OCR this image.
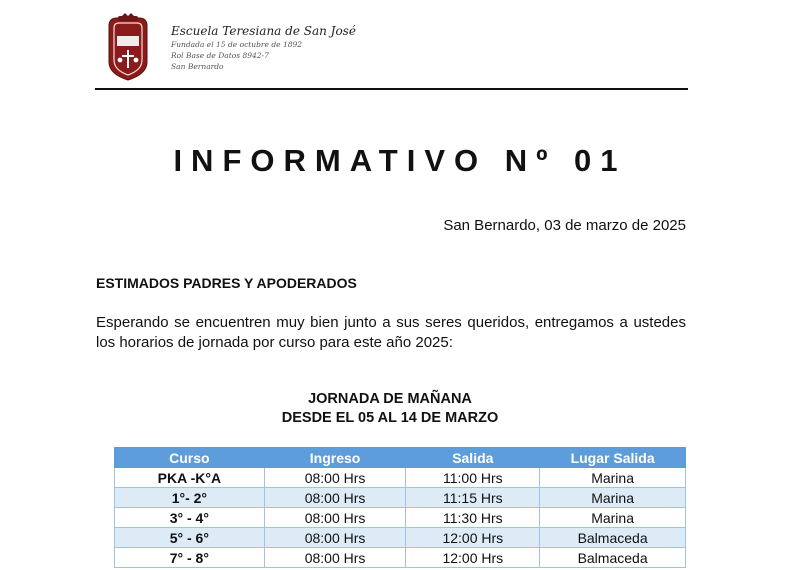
Escuela Teresiana de San José
Fundada el 15 de octubre de 1892
Rol Base de Datos 8942-7
San Bernardo
INFORMATIVO Nº 01
San Bernardo, 03 de marzo de 2025
ESTIMADOS PADRES Y APODERADOS
Esperando se encuentren muy bien junto a sus seres queridos, entregamos a ustedes los horarios de jornada por curso para este año 2025:
JORNADA DE MAÑANA
DESDE EL 05 AL 14 DE MARZO
Curso	Ingreso	Salida	Lugar Salida
PKA -K°A	08:00 Hrs	11:00 Hrs	Marina
1°- 2°	08:00 Hrs	11:15 Hrs	Marina
3° - 4°	08:00 Hrs	11:30 Hrs	Marina
5° - 6°	08:00 Hrs	12:00 Hrs	Balmaceda
7° - 8°	08:00 Hrs	12:00 Hrs	Balmaceda
